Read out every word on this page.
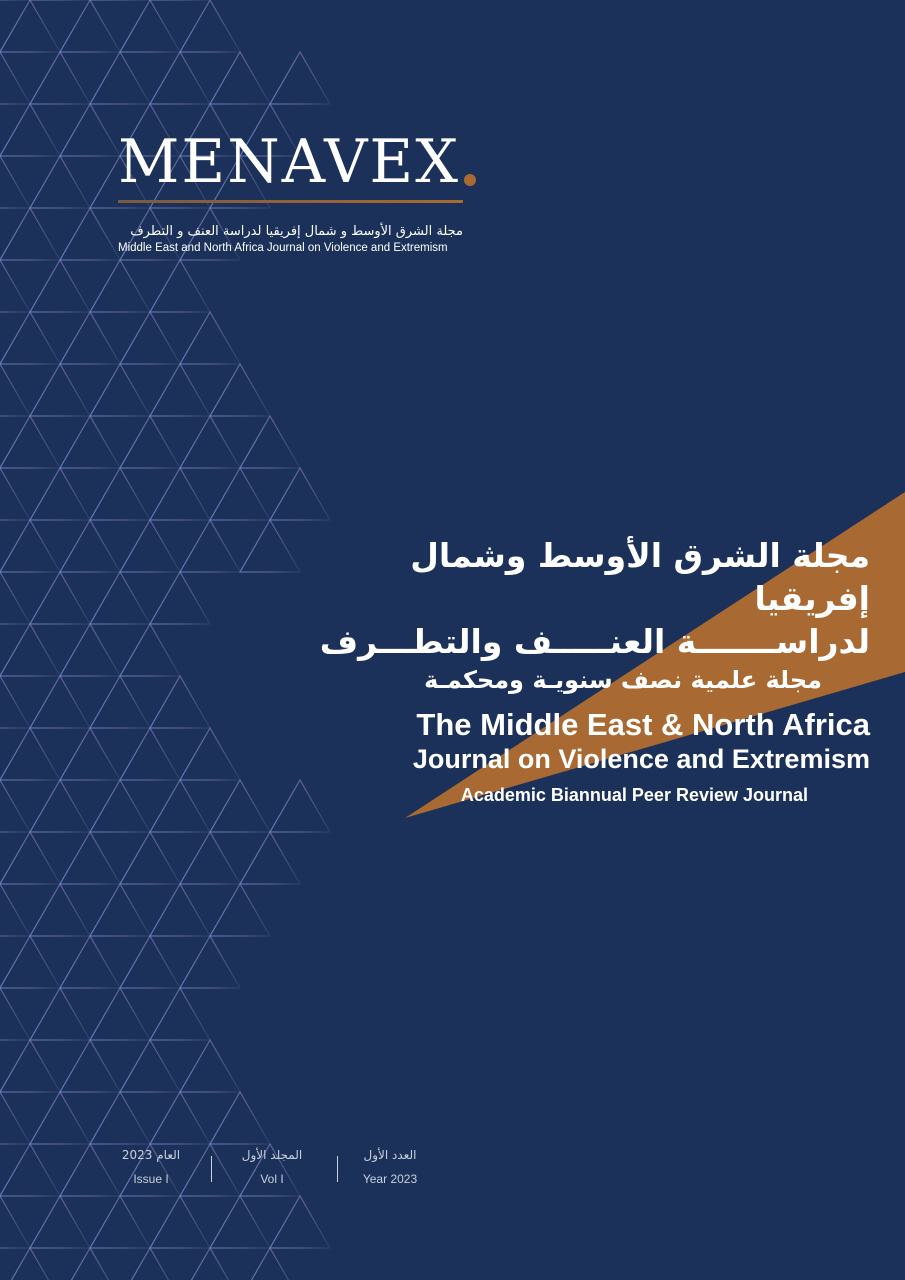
MENAVEX
مجلة الشرق الأوسط و شمال إفريقيا لدراسة العنف و التطرف
Middle East and North Africa Journal on Violence and Extremism
مجلة الشرق الأوسط وشمال إفريقيا
لدراســـــــة العنـــــف والتطـــرف
مجلة علمية نصف سنويـة ومحكمـة
The Middle East & North Africa
Journal on Violence and Extremism
Academic Biannual Peer Review Journal
العام 2023
Issue I
المجلد الأول
Vol I
العدد الأول
Year 2023
